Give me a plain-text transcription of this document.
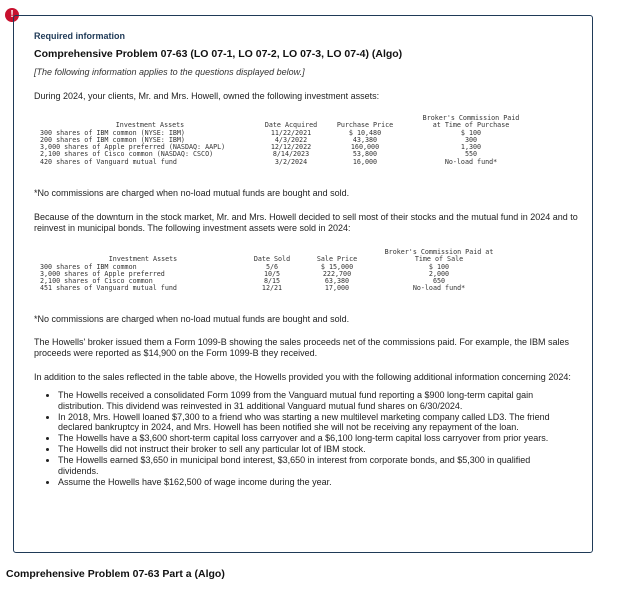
!
Required information
Comprehensive Problem 07-63 (LO 07-1, LO 07-2, LO 07-3, LO 07-4) (Algo)
[The following information applies to the questions displayed below.]
During 2024, your clients, Mr. and Mrs. Howell, owned the following investment assets:
			Broker's Commission Paid
Investment Assets	Date Acquired	Purchase Price	at Time of Purchase
300 shares of IBM common (NYSE: IBM)	11/22/2021	$ 10,480	$ 100
200 shares of IBM common (NYSE: IBM)	4/3/2022	43,380	300
3,000 shares of Apple preferred (NASDAQ: AAPL)	12/12/2022	160,000	1,300
2,100 shares of Cisco common (NASDAQ: CSCO)	8/14/2023	53,800	550
420 shares of Vanguard mutual fund	3/2/2024	16,000	No-load fund*
*No commissions are charged when no-load mutual funds are bought and sold.
Because of the downturn in the stock market, Mr. and Mrs. Howell decided to sell most of their stocks and the mutual fund in 2024 and to reinvest in municipal bonds. The following investment assets were sold in 2024:
			Broker's Commission Paid at
Investment Assets	Date Sold	Sale Price	Time of Sale
300 shares of IBM common	5/6	$ 15,000	$ 100
3,000 shares of Apple preferred	10/5	222,700	2,000
2,100 shares of Cisco common	8/15	63,380	650
451 shares of Vanguard mutual fund	12/21	17,000	No-load fund*
*No commissions are charged when no-load mutual funds are bought and sold.
The Howells' broker issued them a Form 1099-B showing the sales proceeds net of the commissions paid. For example, the IBM sales proceeds were reported as $14,900 on the Form 1099-B they received.
In addition to the sales reflected in the table above, the Howells provided you with the following additional information concerning 2024:
• The Howells received a consolidated Form 1099 from the Vanguard mutual fund reporting a $900 long-term capital gain distribution. This dividend was reinvested in 31 additional Vanguard mutual fund shares on 6/30/2024.
• In 2018, Mrs. Howell loaned $7,300 to a friend who was starting a new multilevel marketing company called LD3. The friend declared bankruptcy in 2024, and Mrs. Howell has been notified she will not be receiving any repayment of the loan.
• The Howells have a $3,600 short-term capital loss carryover and a $6,100 long-term capital loss carryover from prior years.
• The Howells did not instruct their broker to sell any particular lot of IBM stock.
• The Howells earned $3,650 in municipal bond interest, $3,650 in interest from corporate bonds, and $5,300 in qualified dividends.
• Assume the Howells have $162,500 of wage income during the year.
Comprehensive Problem 07-63 Part a (Algo)
